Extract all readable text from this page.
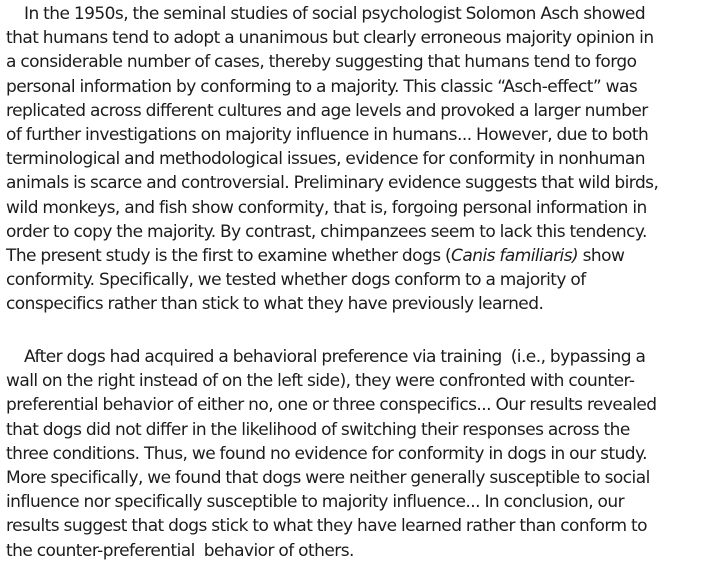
In the 1950s, the seminal studies of social psychologist Solomon Asch showed
that humans tend to adopt a unanimous but clearly erroneous majority opinion in
a considerable number of cases, thereby suggesting that humans tend to forgo
personal information by conforming to a majority. This classic “Asch-effect” was
replicated across different cultures and age levels and provoked a larger number
of further investigations on majority influence in humans... However, due to both
terminological and methodological issues, evidence for conformity in nonhuman
animals is scarce and controversial. Preliminary evidence suggests that wild birds,
wild monkeys, and fish show conformity, that is, forgoing personal information in
order to copy the majority. By contrast, chimpanzees seem to lack this tendency.
The present study is the first to examine whether dogs (Canis familiaris) show
conformity. Specifically, we tested whether dogs conform to a majority of
conspecifics rather than stick to what they have previously learned.
After dogs had acquired a behavioral preference via training  (i.e., bypassing a
wall on the right instead of on the left side), they were confronted with counter-
preferential behavior of either no, one or three conspecifics... Our results revealed
that dogs did not differ in the likelihood of switching their responses across the
three conditions. Thus, we found no evidence for conformity in dogs in our study.
More specifically, we found that dogs were neither generally susceptible to social
influence nor specifically susceptible to majority influence... In conclusion, our
results suggest that dogs stick to what they have learned rather than conform to
the counter-preferential  behavior of others.
